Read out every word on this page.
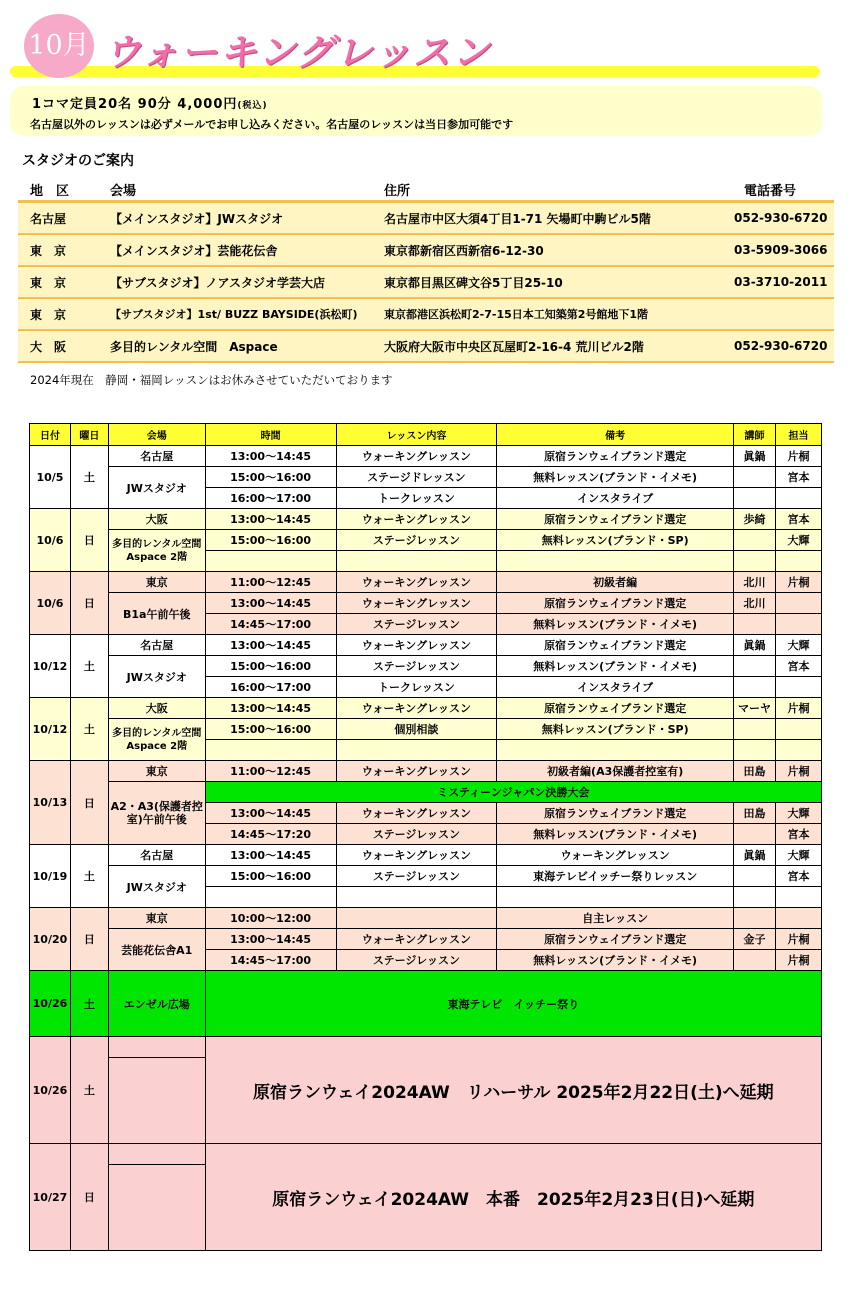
10月 ウォーキングレッスン
1コマ定員20名 90分 4,000円(税込)
名古屋以外のレッスンは必ずメールでお申し込みください。名古屋のレッスンは当日参加可能です
スタジオのご案内
地　区	会場	住所	電話番号
名古屋	【メインスタジオ】JWスタジオ	名古屋市中区大須4丁目1-71 矢場町中駒ビル5階	052-930-6720
東　京	【メインスタジオ】芸能花伝舎	東京都新宿区西新宿6-12-30	03-5909-3066
東　京	【サブスタジオ】ノアスタジオ学芸大店	東京都目黒区碑文谷5丁目25-10	03-3710-2011
東　京	【サブスタジオ】1st/ BUZZ BAYSIDE(浜松町)	東京都港区浜松町2-7-15日本工知築第2号館地下1階	
大　阪	多目的レンタル空間　Aspace	大阪府大阪市中央区瓦屋町2-16-4 荒川ビル2階	052-930-6720
2024年現在　静岡・福岡レッスンはお休みさせていただいております
日付	曜日	会場	時間	レッスン内容	備考	講師	担当
10/5	土	名古屋	13:00～14:45	ウォーキングレッスン	原宿ランウェイブランド選定	眞鍋	片桐
		JWスタジオ	15:00～16:00	ステージドレッスン	無料レッスン(ブランド・イメモ)		宮本
			16:00～17:00	トークレッスン	インスタライブ		
10/6	日	大阪	13:00～14:45	ウォーキングレッスン	原宿ランウェイブランド選定	歩綺	宮本
		多目的レンタル空間 Aspace 2階	15:00～16:00	ステージレッスン	無料レッスン(ブランド・SP)		大輝

10/6	日	東京	11:00～12:45	ウォーキングレッスン	初級者編	北川	片桐
		B1a午前午後	13:00～14:45	ウォーキングレッスン	原宿ランウェイブランド選定	北川	
			14:45～17:00	ステージレッスン	無料レッスン(ブランド・イメモ)		
10/12	土	名古屋	13:00～14:45	ウォーキングレッスン	原宿ランウェイブランド選定	眞鍋	大輝
		JWスタジオ	15:00～16:00	ステージレッスン	無料レッスン(ブランド・イメモ)		宮本
			16:00～17:00	トークレッスン	インスタライブ		
10/12	土	大阪	13:00～14:45	ウォーキングレッスン	原宿ランウェイブランド選定	マーヤ	片桐
		多目的レンタル空間 Aspace 2階	15:00～16:00	個別相談	無料レッスン(ブランド・SP)		

10/13	日	東京	11:00～12:45	ウォーキングレッスン	初級者編(A3保護者控室有)	田島	片桐
		A2・A3(保護者控室)午前午後	ミスティーンジャパン決勝大会				
			13:00～14:45	ウォーキングレッスン	原宿ランウェイブランド選定	田島	大輝
			14:45～17:20	ステージレッスン	無料レッスン(ブランド・イメモ)		宮本
10/19	土	名古屋	13:00～14:45	ウォーキングレッスン	ウォーキングレッスン	眞鍋	大輝
		JWスタジオ	15:00～16:00	ステージレッスン	東海テレビイッチー祭りレッスン		宮本

10/20	日	東京	10:00～12:00		自主レッスン		
		芸能花伝舎A1	13:00～14:45	ウォーキングレッスン	原宿ランウェイブランド選定	金子	片桐
			14:45～17:00	ステージレッスン	無料レッスン(ブランド・イメモ)		片桐
10/26	土	エンゼル広場	東海テレビ　イッチー祭り				
10/26	土		原宿ランウェイ2024AW　リハーサル 2025年2月22日(土)へ延期				

10/27	日		原宿ランウェイ2024AW　本番　2025年2月23日(日)へ延期				
